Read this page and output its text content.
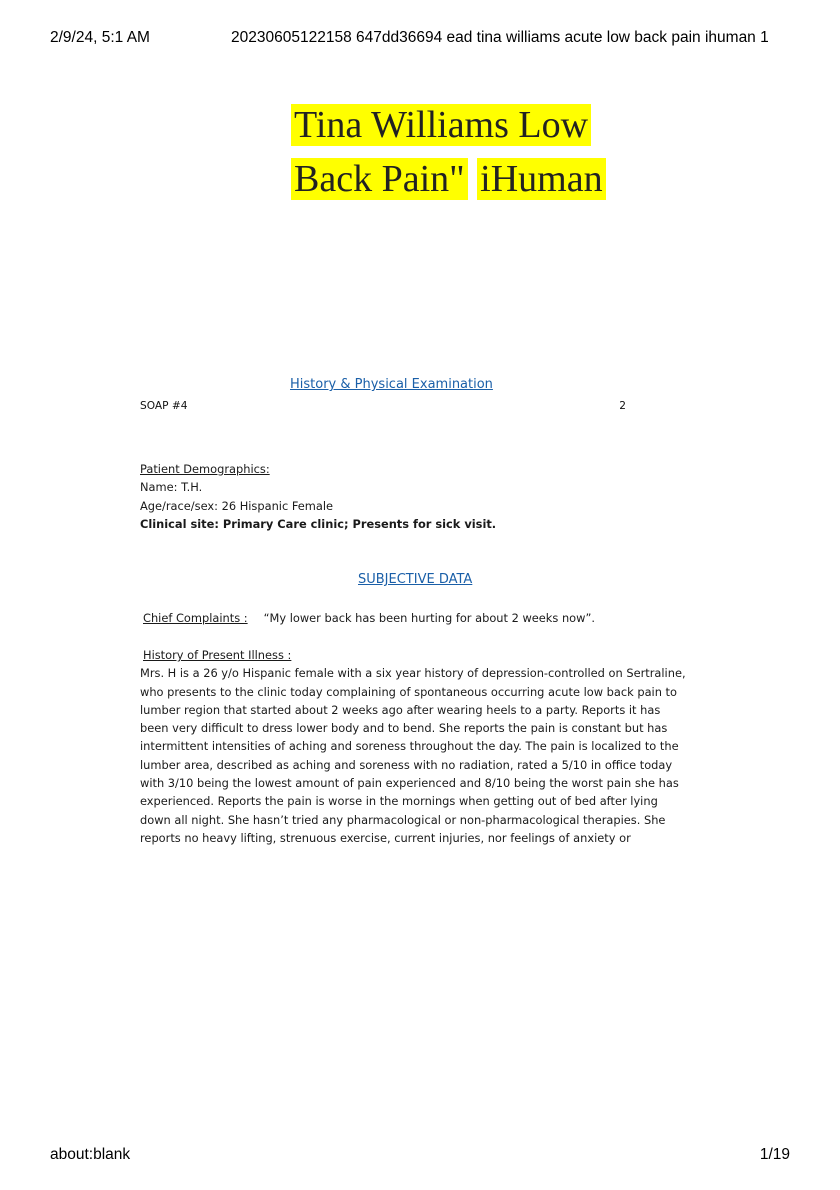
2/9/24, 5:1 AM	20230605122158 647dd36694 ead tina williams acute low back pain ihuman 1
Tina Williams Low
Back Pain" iHuman
History & Physical Examination
SOAP #4	2
Patient Demographics:
Name: T.H.
Age/race/sex: 26 Hispanic Female
Clinical site: Primary Care clinic; Presents for sick visit.
SUBJECTIVE DATA
Chief Complaints : “My lower back has been hurting for about 2 weeks now”.
History of Present Illness :
Mrs. H is a 26 y/o Hispanic female with a six year history of depression-controlled on Sertraline,
who presents to the clinic today complaining of spontaneous occurring acute low back pain to
lumber region that started about 2 weeks ago after wearing heels to a party. Reports it has
been very difficult to dress lower body and to bend. She reports the pain is constant but has
intermittent intensities of aching and soreness throughout the day. The pain is localized to the
lumber area, described as aching and soreness with no radiation, rated a 5/10 in office today
with 3/10 being the lowest amount of pain experienced and 8/10 being the worst pain she has
experienced. Reports the pain is worse in the mornings when getting out of bed after lying
down all night. She hasn’t tried any pharmacological or non-pharmacological therapies. She
reports no heavy lifting, strenuous exercise, current injuries, nor feelings of anxiety or
about:blank	1/19
